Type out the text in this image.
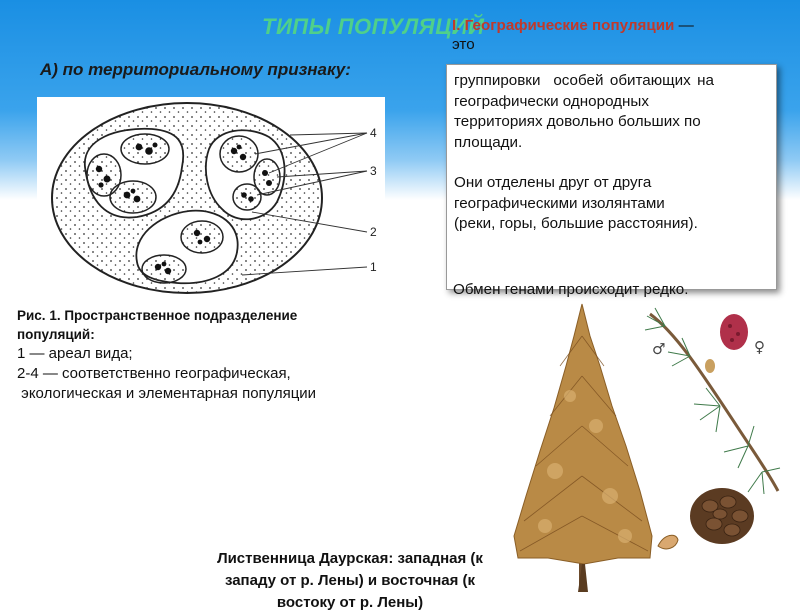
ТИПЫ ПОПУЛЯЦИЙ
А) по территориальному признаку:
4
3
2
1
Рис. 1. Пространственное подразделение
популяций:
1 — ареал вида;
2-4 — соответственно географическая,
экологическая и элементарная популяции
I. Географические популяции —
это
группировки  особей обитающих на
географически однородных
территориях довольно больших по
площади.
Они отделены друг от друга
географическими изолянтами
(реки, горы, большие расстояния).
Обмен генами происходит редко.
♂	♀
Лиственница Даурская: западная (к
западу от р. Лены) и восточная (к
востоку от р. Лены)
